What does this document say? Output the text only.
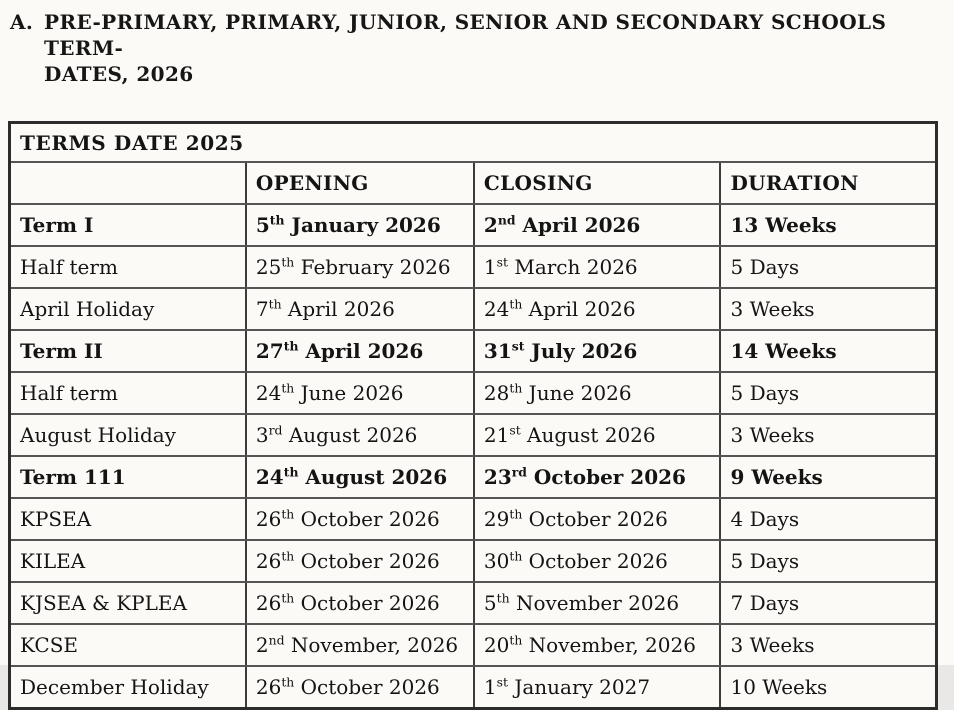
A. PRE-PRIMARY, PRIMARY, JUNIOR, SENIOR AND SECONDARY SCHOOLS TERM-
DATES, 2026
TERMS DATE 2025			
	OPENING	CLOSING	DURATION
Term I	5th January 2026	2nd April 2026	13 Weeks
Half term	25th February 2026	1st March 2026	5 Days
April Holiday	7th April 2026	24th April 2026	3 Weeks
Term II	27th April 2026	31st July 2026	14 Weeks
Half term	24th June 2026	28th June 2026	5 Days
August Holiday	3rd August 2026	21st August 2026	3 Weeks
Term 111	24th August 2026	23rd October 2026	9 Weeks
KPSEA	26th October 2026	29th October 2026	4 Days
KILEA	26th October 2026	30th October 2026	5 Days
KJSEA & KPLEA	26th October 2026	5th November 2026	7 Days
KCSE	2nd November, 2026	20th November, 2026	3 Weeks
December Holiday	26th October 2026	1st January 2027	10 Weeks
